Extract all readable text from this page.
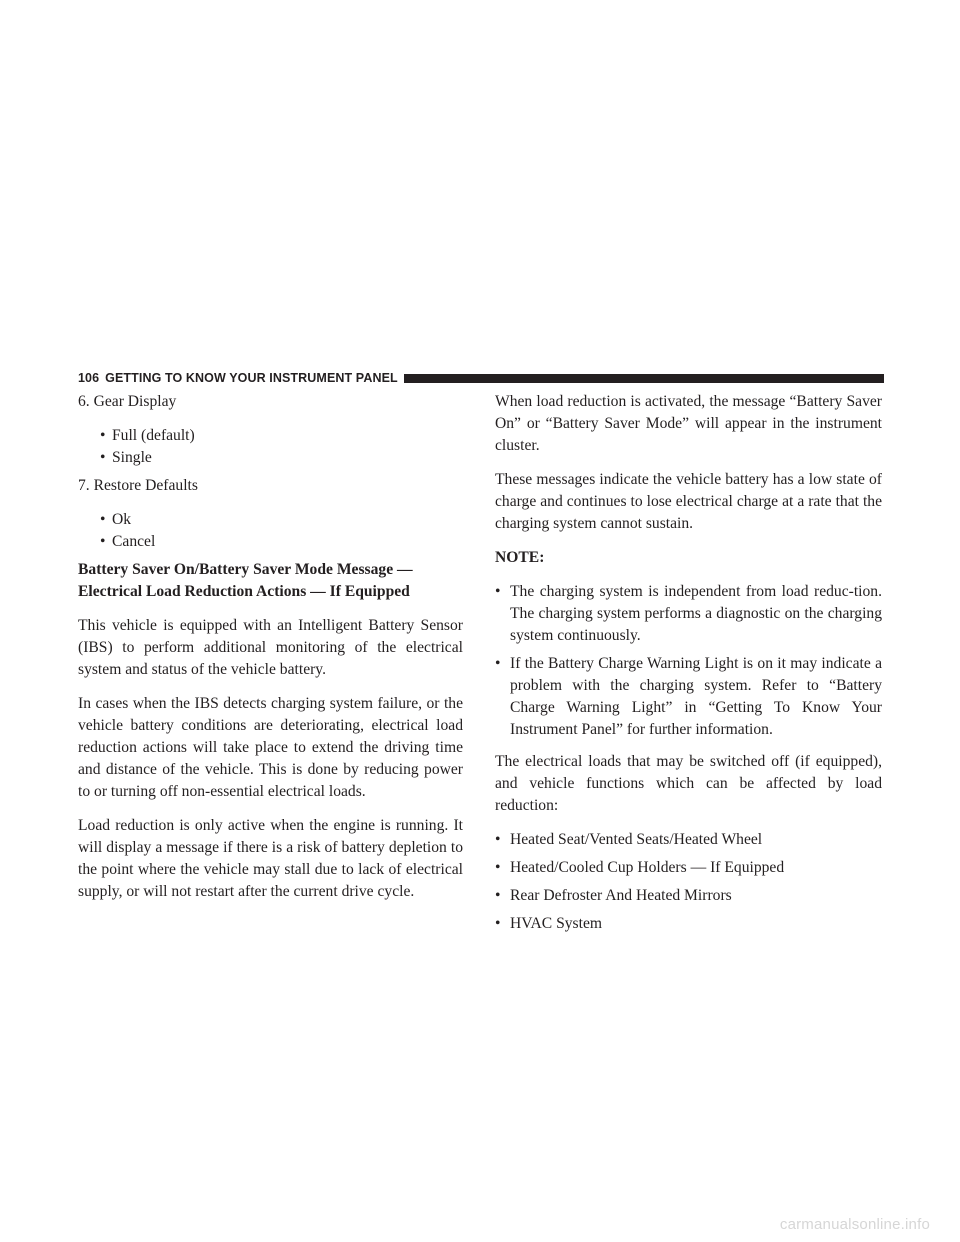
106 GETTING TO KNOW YOUR INSTRUMENT PANEL

6. Gear Display

• Full (default)
• Single

7. Restore Defaults

• Ok
• Cancel

Battery Saver On/Battery Saver Mode Message — Electrical Load Reduction Actions — If Equipped

This vehicle is equipped with an Intelligent Battery Sensor (IBS) to perform additional monitoring of the electrical system and status of the vehicle battery.

In cases when the IBS detects charging system failure, or the vehicle battery conditions are deteriorating, electrical load reduction actions will take place to extend the driving time and distance of the vehicle. This is done by reducing power to or turning off non-essential electrical loads.

Load reduction is only active when the engine is running. It will display a message if there is a risk of battery depletion to the point where the vehicle may stall due to lack of electrical supply, or will not restart after the current drive cycle.

When load reduction is activated, the message “Battery Saver On” or “Battery Saver Mode” will appear in the instrument cluster.

These messages indicate the vehicle battery has a low state of charge and continues to lose electrical charge at a rate that the charging system cannot sustain.

NOTE:

• The charging system is independent from load reduc-tion. The charging system performs a diagnostic on the charging system continuously.
• If the Battery Charge Warning Light is on it may indicate a problem with the charging system. Refer to “Battery Charge Warning Light” in “Getting To Know Your Instrument Panel” for further information.

The electrical loads that may be switched off (if equipped), and vehicle functions which can be affected by load reduction:

• Heated Seat/Vented Seats/Heated Wheel
• Heated/Cooled Cup Holders — If Equipped
• Rear Defroster And Heated Mirrors
• HVAC System
carmanualsonline.info
